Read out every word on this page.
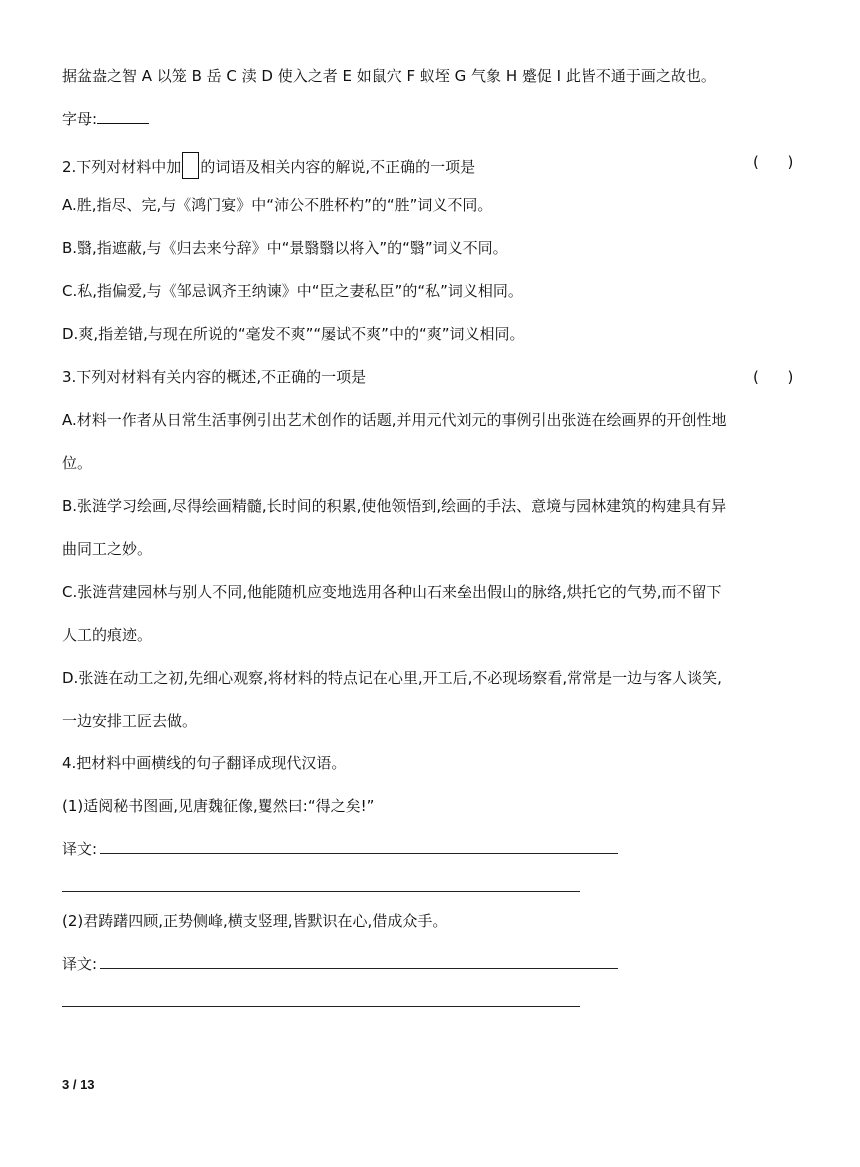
据盆盎之智 A 以笼 B 岳 C 渎 D 使入之者 E 如鼠穴 F 蚁垤 G 气象 H 蹙促 I 此皆不通于画之故也。
字母:
2.下列对材料中加 的词语及相关内容的解说,不正确的一项是	(      )
A.胜,指尽、完,与《鸿门宴》中“沛公不胜杯杓”的“胜”词义不同。
B.翳,指遮蔽,与《归去来兮辞》中“景翳翳以将入”的“翳”词义不同。
C.私,指偏爱,与《邹忌讽齐王纳谏》中“臣之妻私臣”的“私”词义相同。
D.爽,指差错,与现在所说的“毫发不爽”“屡试不爽”中的“爽”词义相同。
3.下列对材料有关内容的概述,不正确的一项是	(      )
A.材料一作者从日常生活事例引出艺术创作的话题,并用元代刘元的事例引出张涟在绘画界的开创性地
位。
B.张涟学习绘画,尽得绘画精髓,长时间的积累,使他领悟到,绘画的手法、意境与园林建筑的构建具有异
曲同工之妙。
C.张涟营建园林与别人不同,他能随机应变地选用各种山石来垒出假山的脉络,烘托它的气势,而不留下
人工的痕迹。
D.张涟在动工之初,先细心观察,将材料的特点记在心里,开工后,不必现场察看,常常是一边与客人谈笑,
一边安排工匠去做。
4.把材料中画横线的句子翻译成现代汉语。
(1)适阅秘书图画,见唐魏征像,矍然曰:“得之矣!”
译文:
(2)君踌躇四顾,正势侧峰,横支竖理,皆默识在心,借成众手。
译文:
3 / 13
